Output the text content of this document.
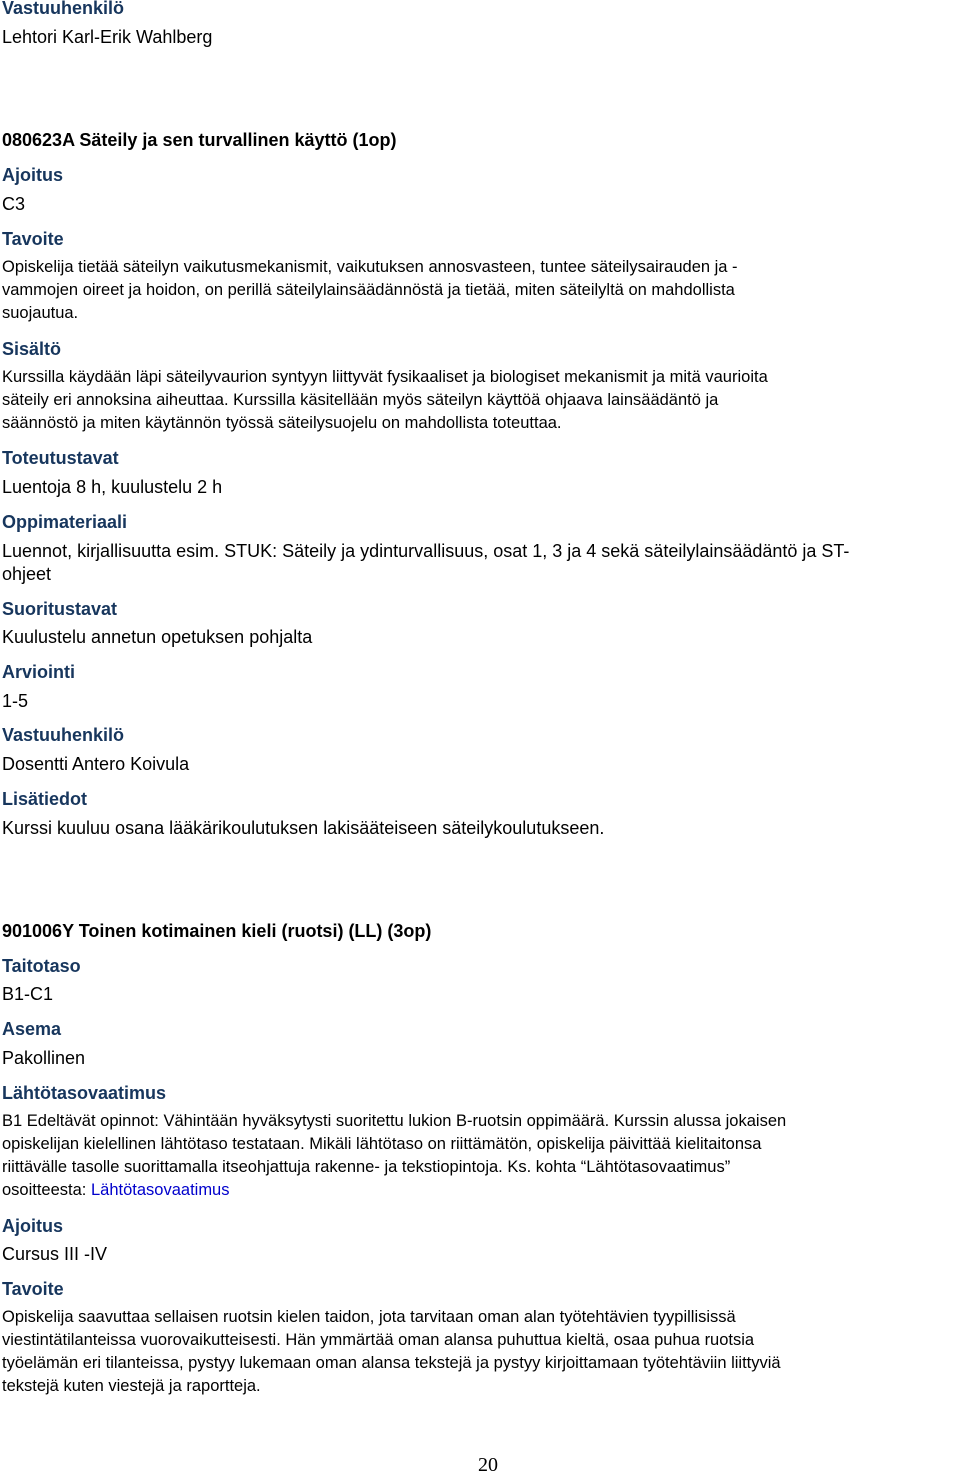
Vastuuhenkilö
Lehtori Karl-Erik Wahlberg
080623A Säteily ja sen turvallinen käyttö (1op)
Ajoitus
C3
Tavoite
Opiskelija tietää säteilyn vaikutusmekanismit, vaikutuksen annosvasteen, tuntee säteilysairauden ja -
vammojen oireet ja hoidon, on perillä säteilylainsäädännöstä ja tietää, miten säteilyltä on mahdollista
suojautua.
Sisältö
Kurssilla käydään läpi säteilyvaurion syntyyn liittyvät fysikaaliset ja biologiset mekanismit ja mitä vaurioita
säteily eri annoksina aiheuttaa. Kurssilla käsitellään myös säteilyn käyttöä ohjaava lainsäädäntö ja
säännöstö ja miten käytännön työssä säteilysuojelu on mahdollista toteuttaa.
Toteutustavat
Luentoja 8 h, kuulustelu 2 h
Oppimateriaali
Luennot, kirjallisuutta esim. STUK: Säteily ja ydinturvallisuus, osat 1, 3 ja 4 sekä säteilylainsäädäntö ja ST-
ohjeet
Suoritustavat
Kuulustelu annetun opetuksen pohjalta
Arviointi
1-5
Vastuuhenkilö
Dosentti Antero Koivula
Lisätiedot
Kurssi kuuluu osana lääkärikoulutuksen lakisääteiseen säteilykoulutukseen.
901006Y Toinen kotimainen kieli (ruotsi) (LL) (3op)
Taitotaso
B1-C1
Asema
Pakollinen
Lähtötasovaatimus
B1 Edeltävät opinnot: Vähintään hyväksytysti suoritettu lukion B-ruotsin oppimäärä. Kurssin alussa jokaisen
opiskelijan kielellinen lähtötaso testataan. Mikäli lähtötaso on riittämätön, opiskelija päivittää kielitaitonsa
riittävälle tasolle suorittamalla itseohjattuja rakenne- ja tekstiopintoja. Ks. kohta “Lähtötasovaatimus”
osoitteesta: Lähtötasovaatimus
Ajoitus
Cursus III -IV
Tavoite
Opiskelija saavuttaa sellaisen ruotsin kielen taidon, jota tarvitaan oman alan työtehtävien tyypillisissä
viestintätilanteissa vuorovaikutteisesti. Hän ymmärtää oman alansa puhuttua kieltä, osaa puhua ruotsia
työelämän eri tilanteissa, pystyy lukemaan oman alansa tekstejä ja pystyy kirjoittamaan työtehtäviin liittyviä
tekstejä kuten viestejä ja raportteja.
20
